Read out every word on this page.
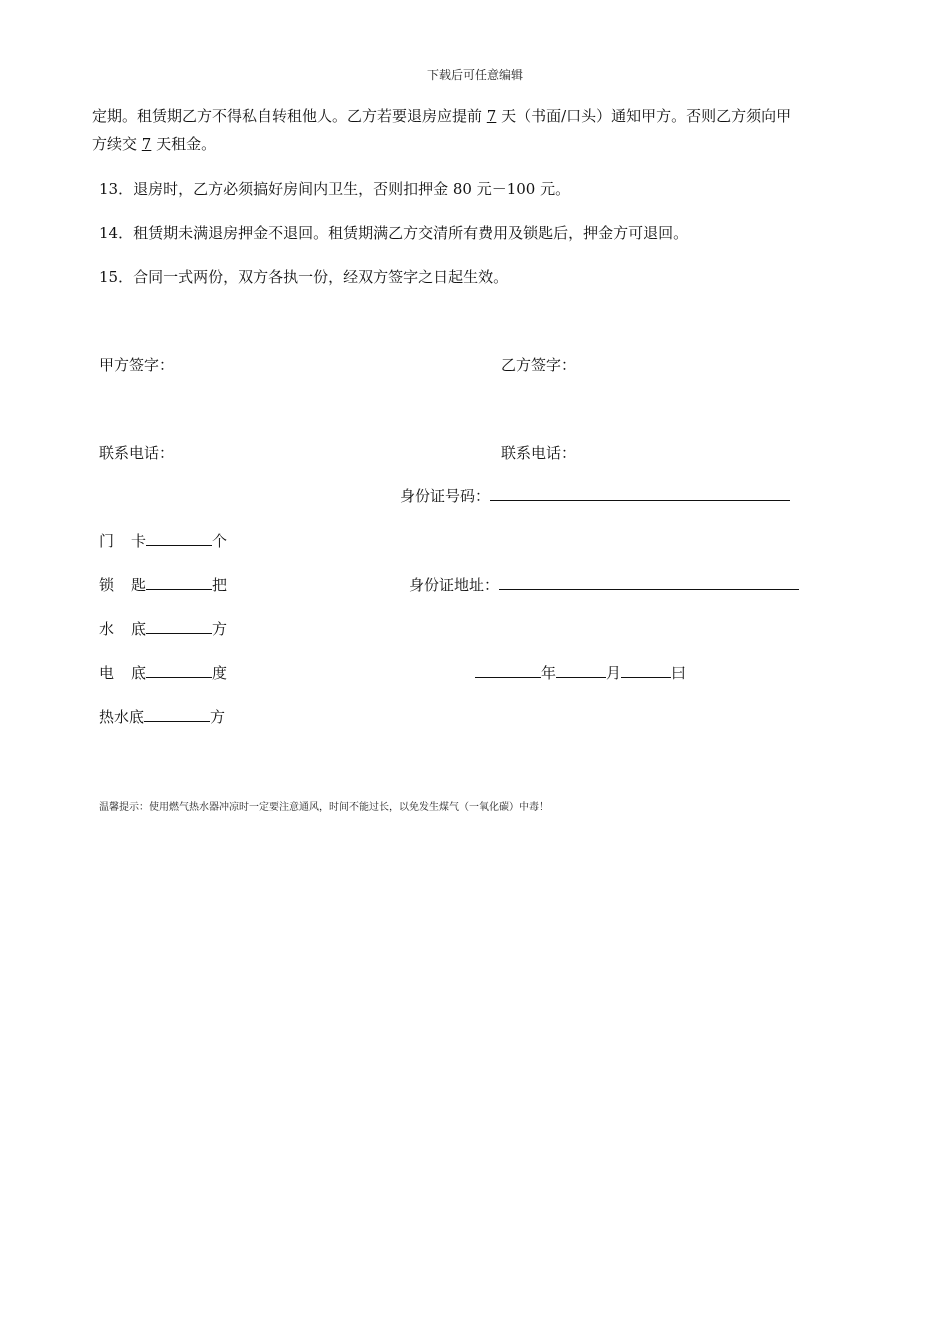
下载后可任意编辑
定期。租赁期乙方不得私自转租他人。乙方若要退房应提前 7 天（书面/口头）通知甲方。否则乙方须向甲
方续交 7 天租金。
13．退房时，乙方必须搞好房间内卫生，否则扣押金 80 元－100 元。
14．租赁期未满退房押金不退回。租赁期满乙方交清所有费用及锁匙后，押金方可退回。
15．合同一式两份，双方各执一份，经双方签字之日起生效。
甲方签字：	乙方签字：
联系电话：	联系电话：
身份证号码：
门 卡	个
锁 匙	把	身份证地址：
水 底	方
电 底	度	年	月	曰
热水底	方
温馨提示：使用燃气热水器冲凉时一定要注意通风，时间不能过长，以免发生煤气（一氧化碳）中毒！
